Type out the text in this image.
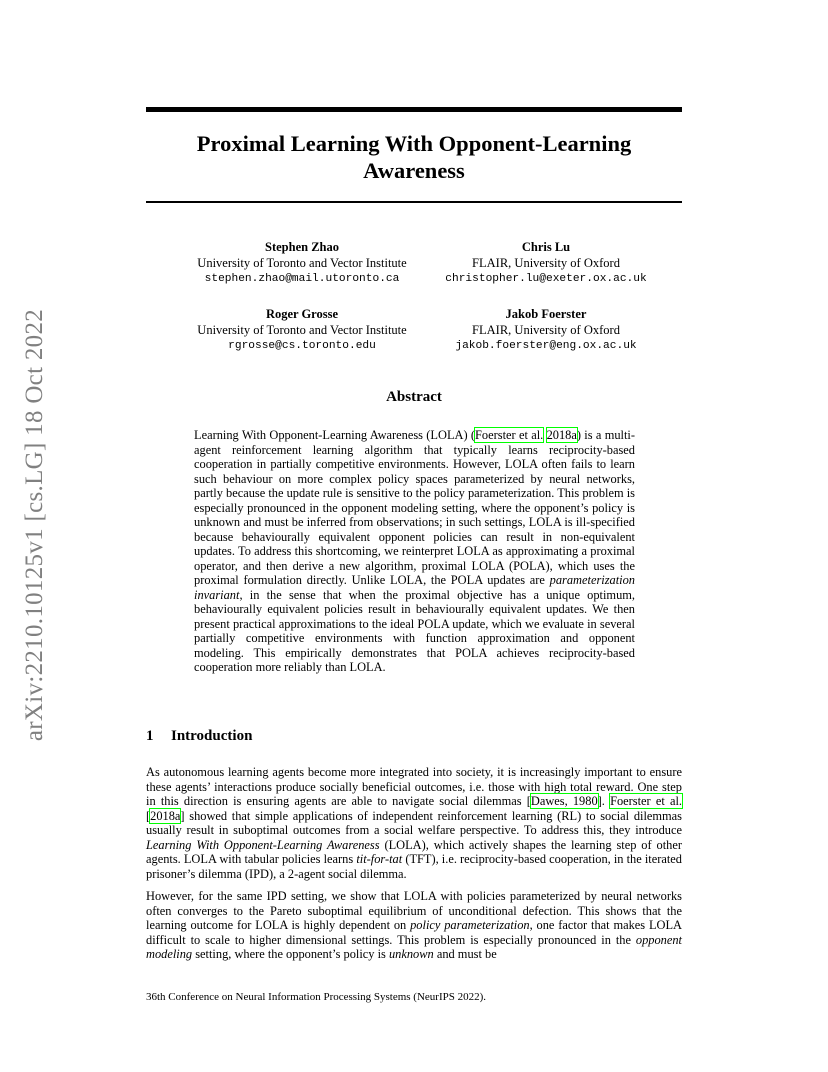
arXiv:2210.10125v1 [cs.LG] 18 Oct 2022
Proximal Learning With Opponent-Learning
Awareness
Stephen Zhao
University of Toronto and Vector Institute
stephen.zhao@mail.utoronto.ca
Chris Lu
FLAIR, University of Oxford
christopher.lu@exeter.ox.ac.uk
Roger Grosse
University of Toronto and Vector Institute
rgrosse@cs.toronto.edu
Jakob Foerster
FLAIR, University of Oxford
jakob.foerster@eng.ox.ac.uk
Abstract
Learning With Opponent-Learning Awareness (LOLA) (Foerster et al. 2018a) is a multi-agent reinforcement learning algorithm that typically learns reciprocity-based cooperation in partially competitive environments. However, LOLA often fails to learn such behaviour on more complex policy spaces parameterized by neural networks, partly because the update rule is sensitive to the policy parameterization. This problem is especially pronounced in the opponent modeling setting, where the opponent’s policy is unknown and must be inferred from observations; in such settings, LOLA is ill-specified because behaviourally equivalent opponent policies can result in non-equivalent updates. To address this shortcoming, we reinterpret LOLA as approximating a proximal operator, and then derive a new algorithm, proximal LOLA (POLA), which uses the proximal formulation directly. Unlike LOLA, the POLA updates are parameterization invariant, in the sense that when the proximal objective has a unique optimum, behaviourally equivalent policies result in behaviourally equivalent updates. We then present practical approximations to the ideal POLA update, which we evaluate in several partially competitive environments with function approximation and opponent modeling. This empirically demonstrates that POLA achieves reciprocity-based cooperation more reliably than LOLA.
1 Introduction
As autonomous learning agents become more integrated into society, it is increasingly important to ensure these agents’ interactions produce socially beneficial outcomes, i.e. those with high total reward. One step in this direction is ensuring agents are able to navigate social dilemmas [Dawes, 1980]. Foerster et al. [2018a] showed that simple applications of independent reinforcement learning (RL) to social dilemmas usually result in suboptimal outcomes from a social welfare perspective. To address this, they introduce Learning With Opponent-Learning Awareness (LOLA), which actively shapes the learning step of other agents. LOLA with tabular policies learns tit-for-tat (TFT), i.e. reciprocity-based cooperation, in the iterated prisoner’s dilemma (IPD), a 2-agent social dilemma.
However, for the same IPD setting, we show that LOLA with policies parameterized by neural networks often converges to the Pareto suboptimal equilibrium of unconditional defection. This shows that the learning outcome for LOLA is highly dependent on policy parameterization, one factor that makes LOLA difficult to scale to higher dimensional settings. This problem is especially pronounced in the opponent modeling setting, where the opponent’s policy is unknown and must be
36th Conference on Neural Information Processing Systems (NeurIPS 2022).
